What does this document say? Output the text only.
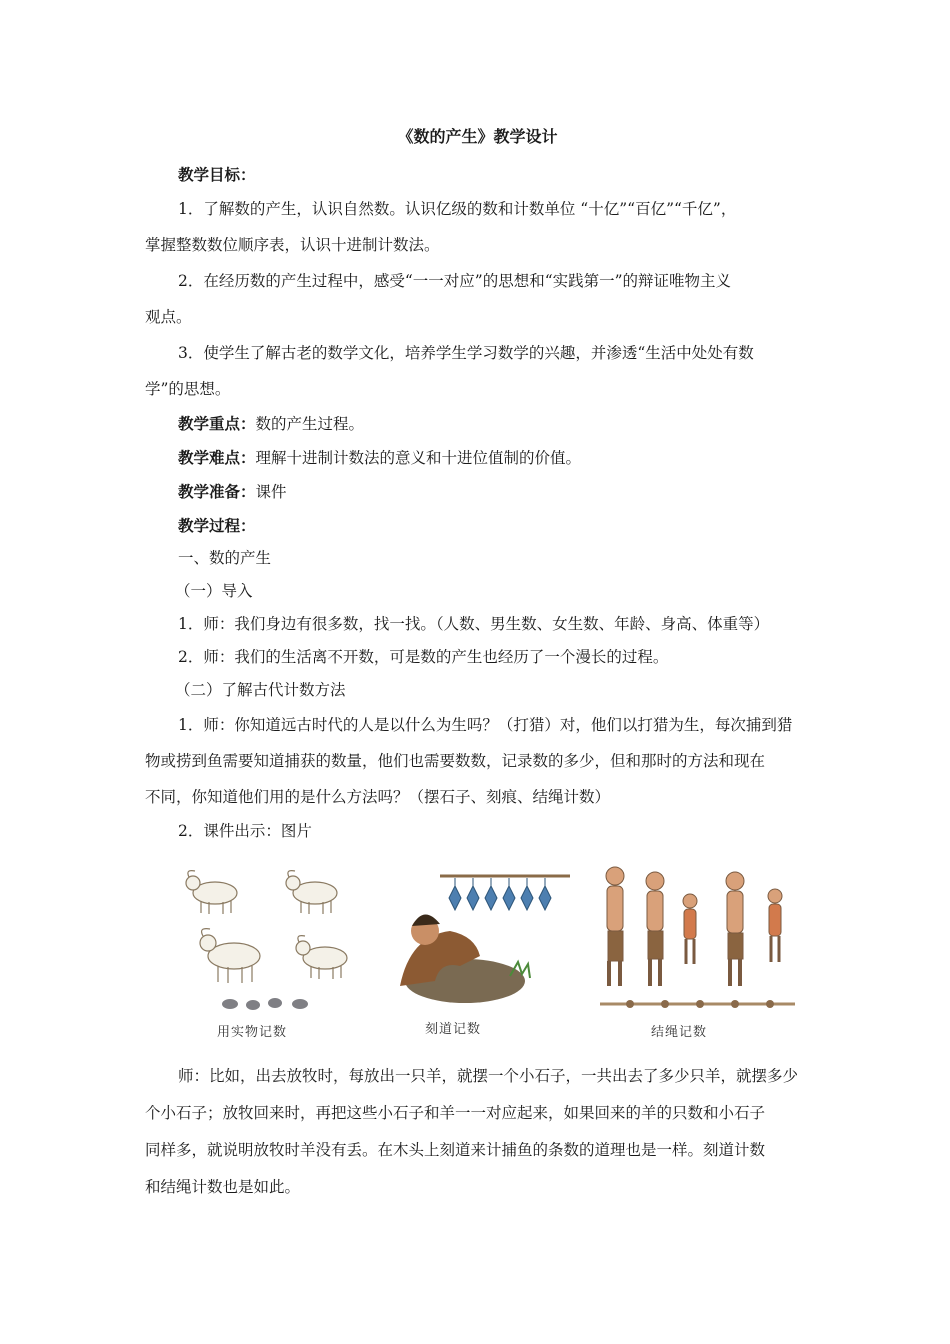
《数的产生》教学设计

教学目标：

1．了解数的产生，认识自然数。认识亿级的数和计数单位 “十亿”“百亿”“千亿”，

掌握整数数位顺序表，认识十进制计数法。

2．在经历数的产生过程中，感受“一一对应”的思想和“实践第一”的辩证唯物主义

观点。

3．使学生了解古老的数学文化，培养学生学习数学的兴趣，并渗透“生活中处处有数

学”的思想。

教学重点：数的产生过程。

教学难点：理解十进制计数法的意义和十进位值制的价值。

教学准备：课件

教学过程：

一、数的产生

（一）导入

1．师：我们身边有很多数，找一找。（人数、男生数、女生数、年龄、身高、体重等）

2．师：我们的生活离不开数，可是数的产生也经历了一个漫长的过程。

（二）了解古代计数方法

1．师：你知道远古时代的人是以什么为生吗？（打猎）对，他们以打猎为生，每次捕到猎

物或捞到鱼需要知道捕获的数量，他们也需要数数，记录数的多少，但和那时的方法和现在

不同，你知道他们用的是什么方法吗？（摆石子、刻痕、结绳计数）

2．课件出示：图片

用实物记数	刻道记数	结绳记数

师：比如，出去放牧时，每放出一只羊，就摆一个小石子，一共出去了多少只羊，就摆多少

个小石子；放牧回来时，再把这些小石子和羊一一对应起来，如果回来的羊的只数和小石子

同样多，就说明放牧时羊没有丢。在木头上刻道来计捕鱼的条数的道理也是一样。刻道计数

和结绳计数也是如此。
